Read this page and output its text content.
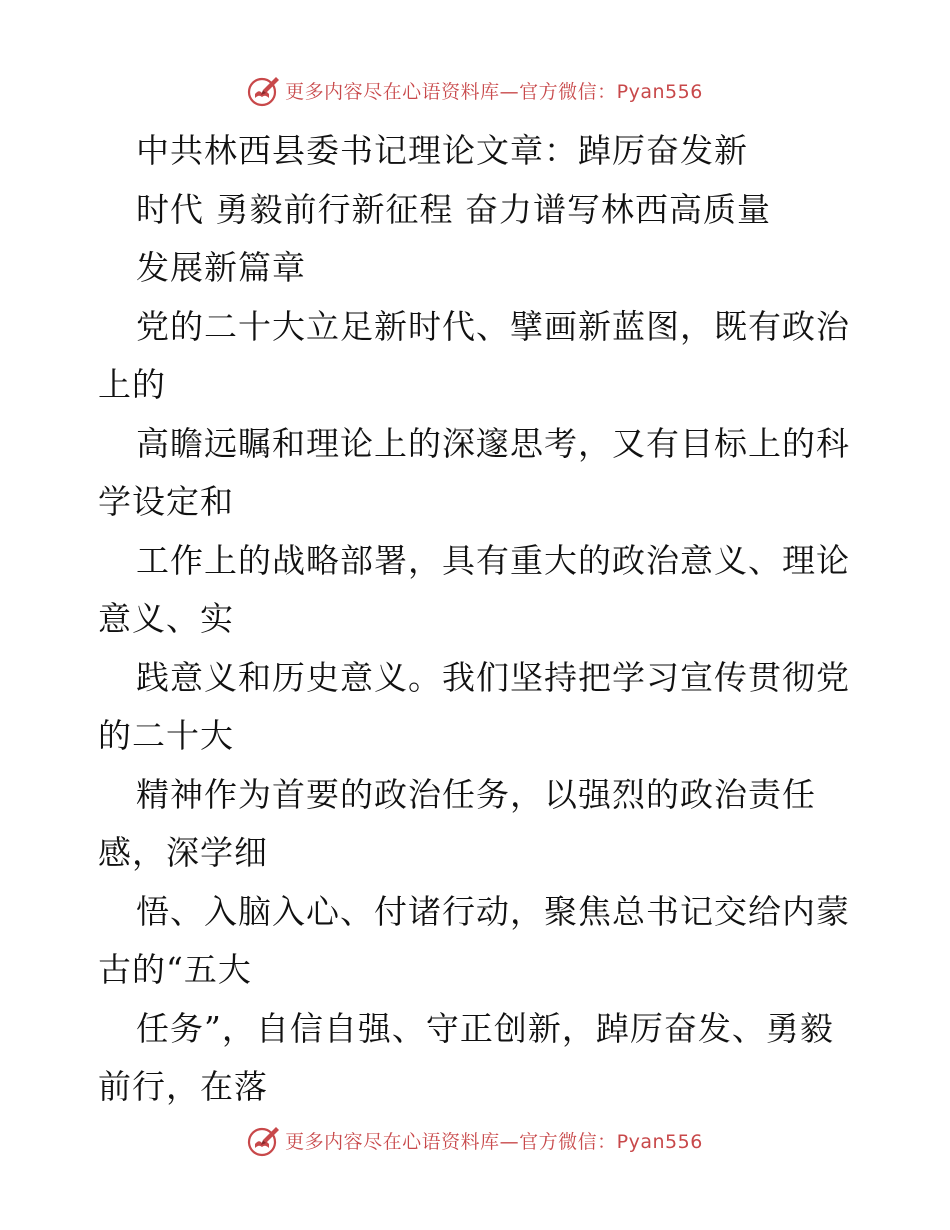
更多内容尽在心语资料库—官方微信：Pyan556
中共林西县委书记理论文章：踔厉奋发新
时代 勇毅前行新征程 奋力谱写林西高质量
发展新篇章
党的二十大立足新时代、擘画新蓝图，既有政治
上的
高瞻远瞩和理论上的深邃思考，又有目标上的科
学设定和
工作上的战略部署，具有重大的政治意义、理论
意义、实
践意义和历史意义。我们坚持把学习宣传贯彻党
的二十大
精神作为首要的政治任务，以强烈的政治责任
感，深学细
悟、入脑入心、付诸行动，聚焦总书记交给内蒙
古的“五大
任务”，自信自强、守正创新，踔厉奋发、勇毅
前行，在落
更多内容尽在心语资料库—官方微信：Pyan556
